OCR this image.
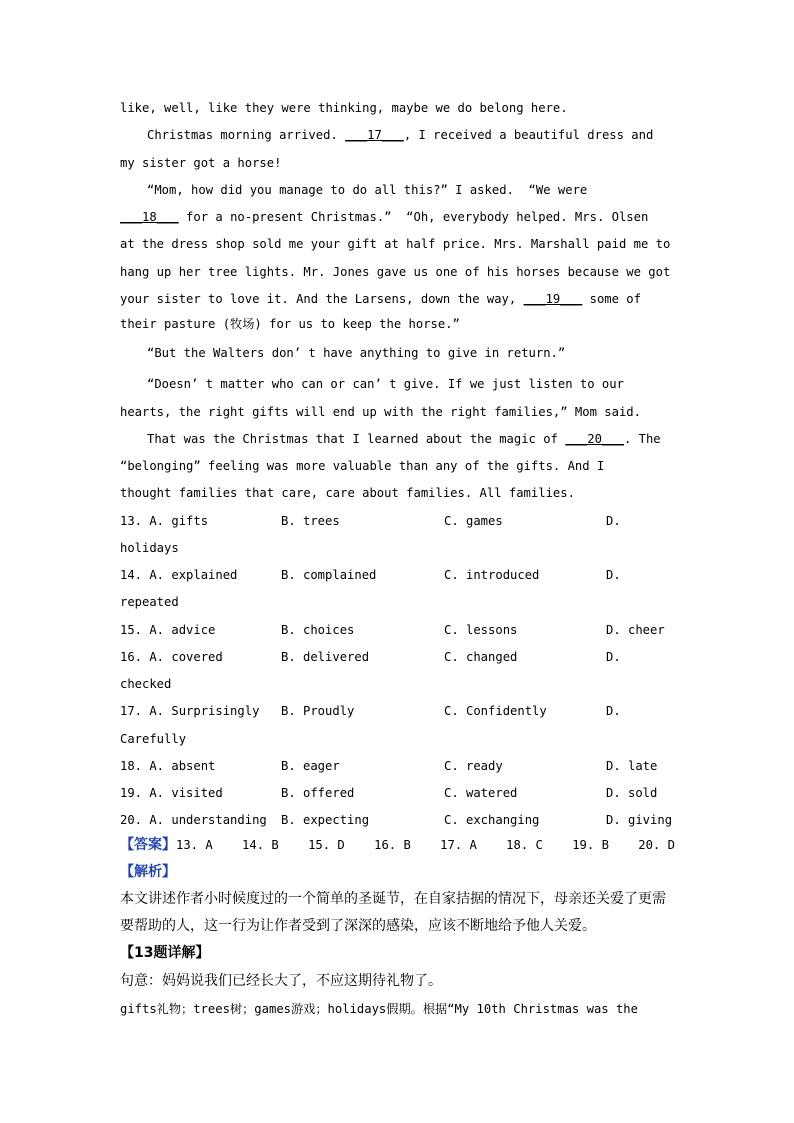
like, well, like they were thinking, maybe we do belong here.
Christmas morning arrived. ___17___, I received a beautiful dress and
my sister got a horse!
“Mom, how did you manage to do all this?” I asked.  “We were
___18___ for a no-present Christmas.”  “Oh, everybody helped. Mrs. Olsen
at the dress shop sold me your gift at half price. Mrs. Marshall paid me to
hang up her tree lights. Mr. Jones gave us one of his horses because we got
your sister to love it. And the Larsens, down the way, ___19___ some of
their pasture (牧场) for us to keep the horse.”
“But the Walters don’ t have anything to give in return.”
“Doesn’ t matter who can or can’ t give. If we just listen to our
hearts, the right gifts will end up with the right families,” Mom said.
That was the Christmas that I learned about the magic of ___20___. The
“belonging” feeling was more valuable than any of the gifts. And I
thought families that care, care about families. All families.
13. A. gifts	B. trees	C. games	D.
holidays
14. A. explained	B. complained	C. introduced	D.
repeated
15. A. advice	B. choices	C. lessons	D. cheer
16. A. covered	B. delivered	C. changed	D.
checked
17. A. Surprisingly B. Proudly	C. Confidently	D.
Carefully
18. A. absent	B. eager	C. ready	D. late
19. A. visited	B. offered	C. watered	D. sold
20. A. understanding B. expecting	C. exchanging	D. giving
【答案】13. A    14. B    15. D    16. B    17. A    18. C    19. B    20. D
【解析】
本文讲述作者小时候度过的一个简单的圣诞节，在自家拮据的情况下，母亲还关爱了更需
要帮助的人，这一行为让作者受到了深深的感染，应该不断地给予他人关爱。
【13题详解】
句意：妈妈说我们已经长大了，不应这期待礼物了。
gifts礼物；trees树；games游戏；holidays假期。根据“My 10th Christmas was the
